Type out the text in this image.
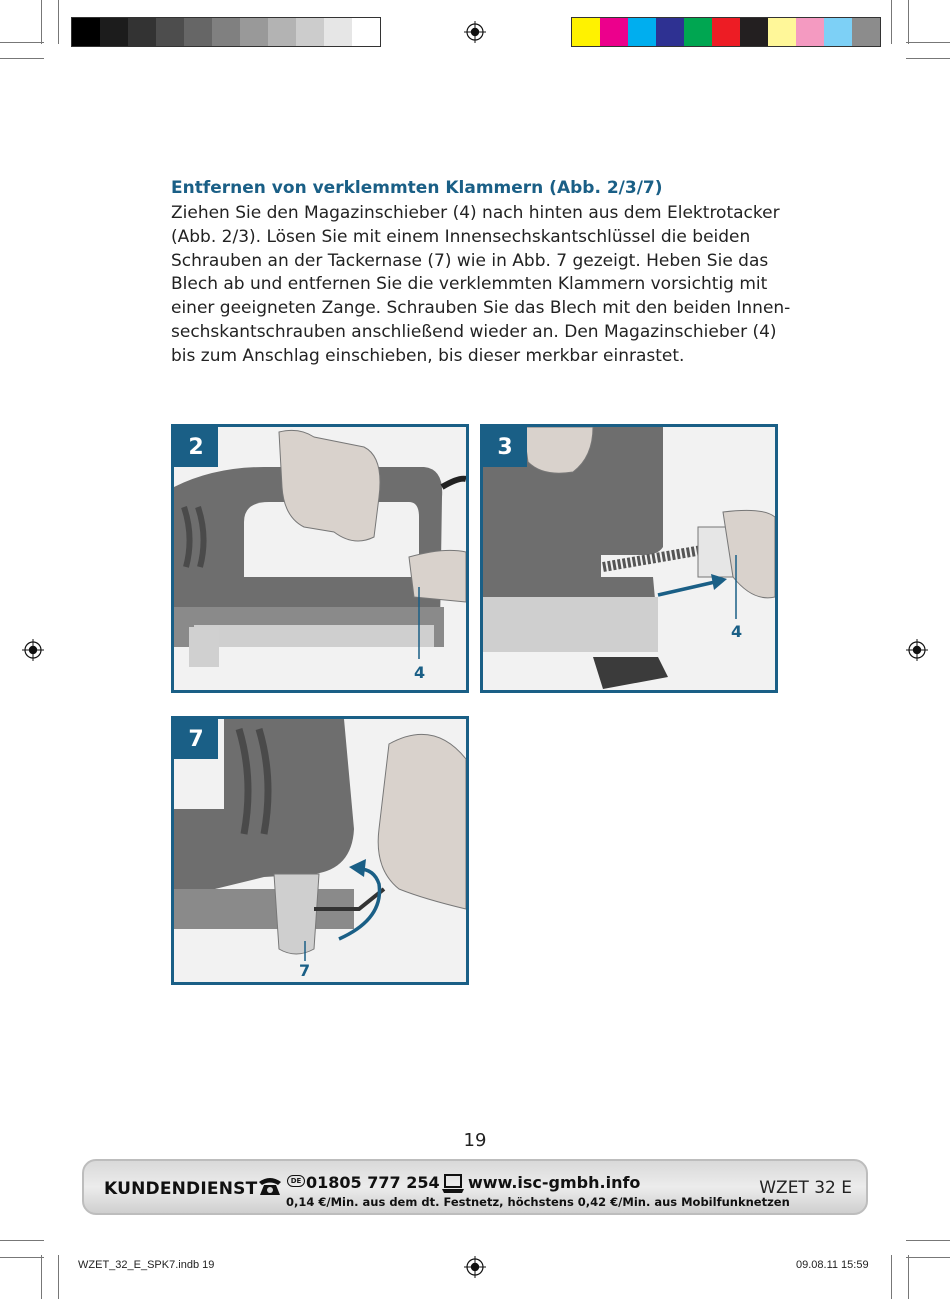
Entfernen von verklemmten Klammern (Abb. 2/3/7)
Ziehen Sie den Magazinschieber (4) nach hinten aus dem Elektrotacker
(Abb. 2/3). Lösen Sie mit einem Innensechskantschlüssel die beiden
Schrauben an der Tackernase (7) wie in Abb. 7 gezeigt. Heben Sie das
Blech ab und entfernen Sie die verklemmten Klammern vorsichtig mit
einer geeigneten Zange. Schrauben Sie das Blech mit den beiden Innen-
sechskantschrauben anschließend wieder an. Den Magazinschieber (4)
bis zum Anschlag einschieben, bis dieser merkbar einrastet.
2
4
3
4
7
7
19
KUNDENDIENST	DE 01805 777 254 www.isc-gmbh.info
0,14 €/Min. aus dem dt. Festnetz, höchstens 0,42 €/Min. aus Mobilfunknetzen
WZET 32 E
WZET_32_E_SPK7.indb 19	09.08.11 15:59
